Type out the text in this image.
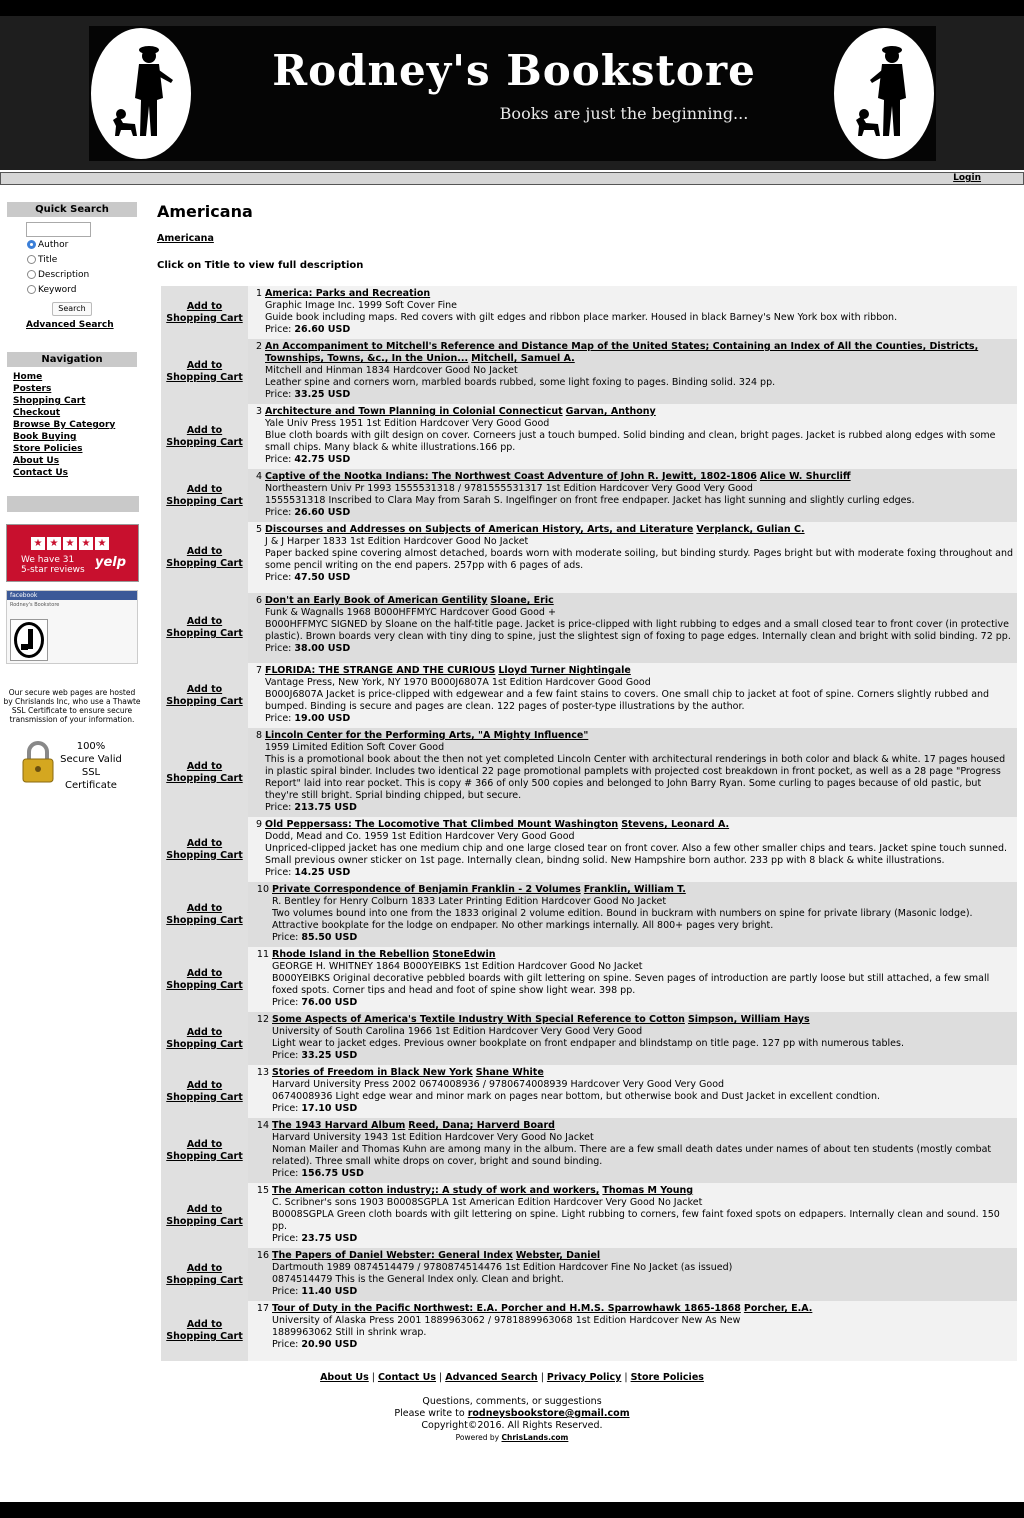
Rodney's Bookstore
Books are just the beginning...
Login
Quick Search
Author
Title
Description
Keyword
Search
Advanced Search
Navigation
Home
Posters
Shopping Cart
Checkout
Browse By Category
Book Buying
Store Policies
About Us
Contact Us
★ ★ ★ ★ ★
We have 31
5-star reviews yelp
facebook
Rodney's Bookstore
Our secure web pages are hosted by Chrislands Inc, who use a Thawte SSL Certificate to ensure secure transmission of your information.
100% Secure Valid SSL Certificate
Americana
Americana
Click on Title to view full description
Add to
Shopping Cart
1 America: Parks and Recreation
Graphic Image Inc. 1999 Soft Cover Fine
Guide book including maps. Red covers with gilt edges and ribbon place marker. Housed in black Barney's New York box with ribbon.
Price: 26.60 USD
Add to
Shopping Cart
2 An Accompaniment to Mitchell's Reference and Distance Map of the United States; Containing an Index of All the Counties, Districts, Townships, Towns, &c., In the Union... Mitchell, Samuel A.
Mitchell and Hinman 1834 Hardcover Good No Jacket
Leather spine and corners worn, marbled boards rubbed, some light foxing to pages. Binding solid. 324 pp.
Price: 33.25 USD
Add to
Shopping Cart
3 Architecture and Town Planning in Colonial Connecticut Garvan, Anthony
Yale Univ Press 1951 1st Edition Hardcover Very Good Good
Blue cloth boards with gilt design on cover. Corneers just a touch bumped. Solid binding and clean, bright pages. Jacket is rubbed along edges with some small chips. Many black & white illustrations.166 pp.
Price: 42.75 USD
Add to
Shopping Cart
4 Captive of the Nootka Indians: The Northwest Coast Adventure of John R. Jewitt, 1802-1806 Alice W. Shurcliff
Northeastern Univ Pr 1993 1555531318 / 9781555531317 1st Edition Hardcover Very Good Very Good
1555531318 Inscribed to Clara May from Sarah S. Ingelfinger on front free endpaper. Jacket has light sunning and slightly curling edges.
Price: 26.60 USD
Add to
Shopping Cart
5 Discourses and Addresses on Subjects of American History, Arts, and Literature Verplanck, Gulian C.
J & J Harper 1833 1st Edition Hardcover Good No Jacket
Paper backed spine covering almost detached, boards worn with moderate soiling, but binding sturdy. Pages bright but with moderate foxing throughout and some pencil writing on the end papers. 257pp with 6 pages of ads.
Price: 47.50 USD
Add to
Shopping Cart
6 Don't an Early Book of American Gentility Sloane, Eric
Funk & Wagnalls 1968 B000HFFMYC Hardcover Good Good +
B000HFFMYC SIGNED by Sloane on the half-title page. Jacket is price-clipped with light rubbing to edges and a small closed tear to front cover (in protective plastic). Brown boards very clean with tiny ding to spine, just the slightest sign of foxing to page edges. Internally clean and bright with solid binding. 72 pp.
Price: 38.00 USD
Add to
Shopping Cart
7 FLORIDA: THE STRANGE AND THE CURIOUS Lloyd Turner Nightingale
Vantage Press, New York, NY 1970 B000J6807A 1st Edition Hardcover Good Good
B000J6807A Jacket is price-clipped with edgewear and a few faint stains to covers. One small chip to jacket at foot of spine. Corners slightly rubbed and bumped. Binding is secure and pages are clean. 122 pages of poster-type illustrations by the author.
Price: 19.00 USD
Add to
Shopping Cart
8 Lincoln Center for the Performing Arts, "A Mighty Influence"
1959 Limited Edition Soft Cover Good
This is a promotional book about the then not yet completed Lincoln Center with architectural renderings in both color and black & white. 17 pages housed in plastic spiral binder. Includes two identical 22 page promotional pamplets with projected cost breakdown in front pocket, as well as a 28 page "Progress Report" laid into rear pocket. This is copy # 366 of only 500 copies and belonged to John Barry Ryan. Some curling to pages because of old pastic, but they're still bright. Sprial binding chipped, but secure.
Price: 213.75 USD
Add to
Shopping Cart
9 Old Peppersass: The Locomotive That Climbed Mount Washington Stevens, Leonard A.
Dodd, Mead and Co. 1959 1st Edition Hardcover Very Good Good
Unpriced-clipped jacket has one medium chip and one large closed tear on front cover. Also a few other smaller chips and tears. Jacket spine touch sunned. Small previous owner sticker on 1st page. Internally clean, bindng solid. New Hampshire born author. 233 pp with 8 black & white illustrations.
Price: 14.25 USD
Add to
Shopping Cart
10 Private Correspondence of Benjamin Franklin - 2 Volumes Franklin, William T.
R. Bentley for Henry Colburn 1833 Later Printing Edition Hardcover Good No Jacket
Two volumes bound into one from the 1833 original 2 volume edition. Bound in buckram with numbers on spine for private library (Masonic lodge). Attractive bookplate for the lodge on endpaper. No other markings internally. All 800+ pages very bright.
Price: 85.50 USD
Add to
Shopping Cart
11 Rhode Island in the Rebellion StoneEdwin
GEORGE H. WHITNEY 1864 B000YEIBKS 1st Edition Hardcover Good No Jacket
B000YEIBKS Original decorative pebbled boards with gilt lettering on spine. Seven pages of introduction are partly loose but still attached, a few small foxed spots. Corner tips and head and foot of spine show light wear. 398 pp.
Price: 76.00 USD
Add to
Shopping Cart
12 Some Aspects of America's Textile Industry With Special Reference to Cotton Simpson, William Hays
University of South Carolina 1966 1st Edition Hardcover Very Good Very Good
Light wear to jacket edges. Previous owner bookplate on front endpaper and blindstamp on title page. 127 pp with numerous tables.
Price: 33.25 USD
Add to
Shopping Cart
13 Stories of Freedom in Black New York Shane White
Harvard University Press 2002 0674008936 / 9780674008939 Hardcover Very Good Very Good
0674008936 Light edge wear and minor mark on pages near bottom, but otherwise book and Dust Jacket in excellent condtion.
Price: 17.10 USD
Add to
Shopping Cart
14 The 1943 Harvard Album Reed, Dana; Harverd Board
Harvard University 1943 1st Edition Hardcover Very Good No Jacket
Noman Mailer and Thomas Kuhn are among many in the album. There are a few small death dates under names of about ten students (mostly combat related). Three small white drops on cover, bright and sound binding.
Price: 156.75 USD
Add to
Shopping Cart
15 The American cotton industry;: A study of work and workers, Thomas M Young
C. Scribner's sons 1903 B0008SGPLA 1st American Edition Hardcover Very Good No Jacket
B0008SGPLA Green cloth boards with gilt lettering on spine. Light rubbing to corners, few faint foxed spots on edpapers. Internally clean and sound. 150 pp.
Price: 23.75 USD
Add to
Shopping Cart
16 The Papers of Daniel Webster: General Index Webster, Daniel
Dartmouth 1989 0874514479 / 9780874514476 1st Edition Hardcover Fine No Jacket (as issued)
0874514479 This is the General Index only. Clean and bright.
Price: 11.40 USD
Add to
Shopping Cart
17 Tour of Duty in the Pacific Northwest: E.A. Porcher and H.M.S. Sparrowhawk 1865-1868 Porcher, E.A.
University of Alaska Press 2001 1889963062 / 9781889963068 1st Edition Hardcover New As New
1889963062 Still in shrink wrap.
Price: 20.90 USD
About Us | Contact Us | Advanced Search | Privacy Policy | Store Policies
Questions, comments, or suggestions
Please write to rodneysbookstore@gmail.com
Copyright©2016. All Rights Reserved.
Powered by ChrisLands.com
